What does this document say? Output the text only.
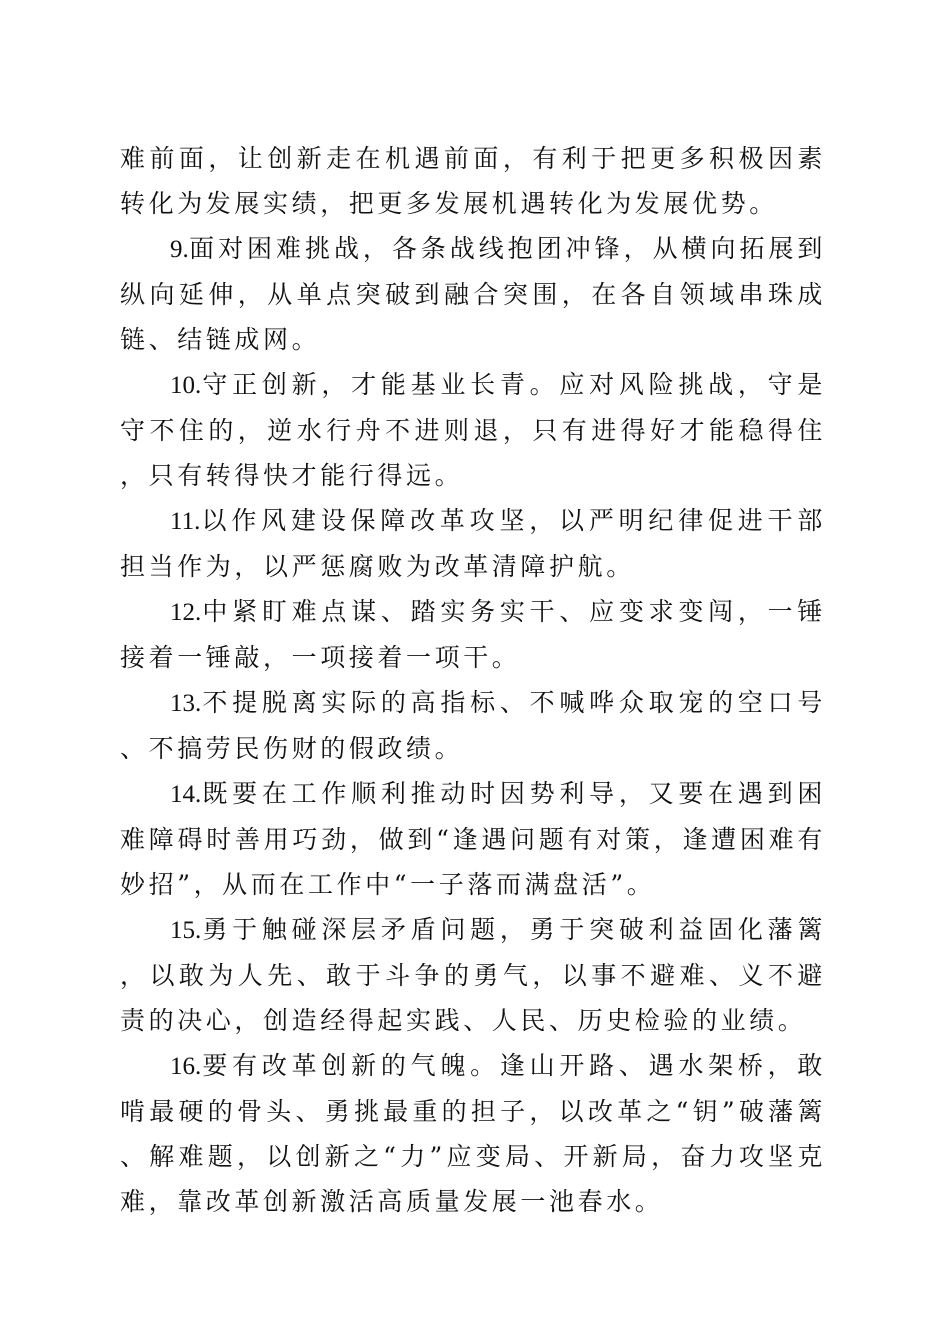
难前面，让创新走在机遇前面，有利于把更多积极因素转化为发展实绩，把更多发展机遇转化为发展优势。

9.面对困难挑战，各条战线抱团冲锋，从横向拓展到纵向延伸，从单点突破到融合突围，在各自领域串珠成链、结链成网。

10.守正创新，才能基业长青。应对风险挑战，守是守不住的，逆水行舟不进则退，只有进得好才能稳得住，只有转得快才能行得远。

11.以作风建设保障改革攻坚，以严明纪律促进干部担当作为，以严惩腐败为改革清障护航。

12.中紧盯难点谋、踏实务实干、应变求变闯，一锤接着一锤敲，一项接着一项干。

13.不提脱离实际的高指标、不喊哗众取宠的空口号、不搞劳民伤财的假政绩。

14.既要在工作顺利推动时因势利导，又要在遇到困难障碍时善用巧劲，做到“逢遇问题有对策，逢遭困难有妙招”，从而在工作中“一子落而满盘活”。

15.勇于触碰深层矛盾问题，勇于突破利益固化藩篱，以敢为人先、敢于斗争的勇气，以事不避难、义不避责的决心，创造经得起实践、人民、历史检验的业绩。

16.要有改革创新的气魄。逢山开路、遇水架桥，敢啃最硬的骨头、勇挑最重的担子，以改革之“钥”破藩篱、解难题，以创新之“力”应变局、开新局，奋力攻坚克难，靠改革创新激活高质量发展一池春水。
